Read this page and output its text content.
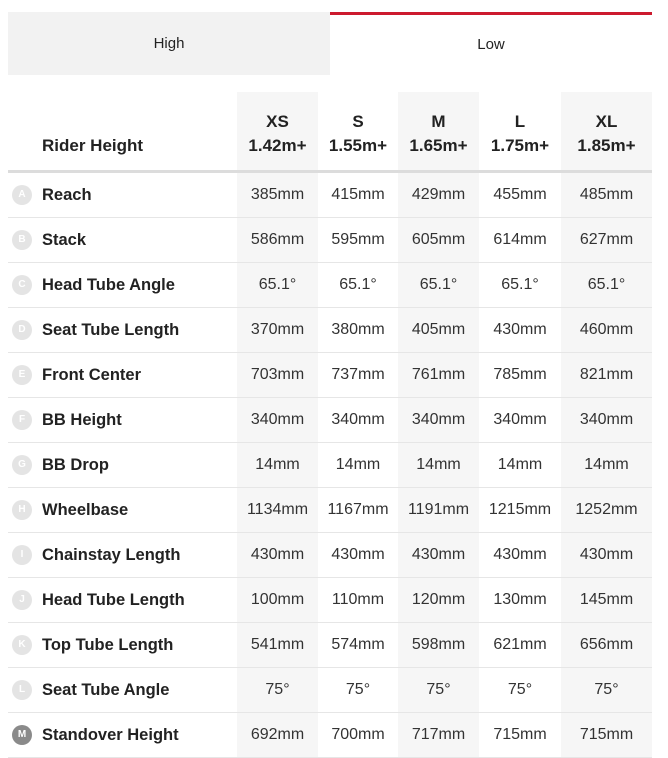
High	Low
	XS	S	M	L	XL
Rider Height	1.42m+	1.55m+	1.65m+	1.75m+	1.85m+

A Reach	385mm	415mm	429mm	455mm	485mm

B Stack	586mm	595mm	605mm	614mm	627mm

C Head Tube Angle	65.1°	65.1°	65.1°	65.1°	65.1°

D Seat Tube Length	370mm	380mm	405mm	430mm	460mm

E Front Center	703mm	737mm	761mm	785mm	821mm

F BB Height	340mm	340mm	340mm	340mm	340mm

G BB Drop	14mm	14mm	14mm	14mm	14mm

H Wheelbase	1134mm	1167mm	1191mm	1215mm	1252mm

I Chainstay Length	430mm	430mm	430mm	430mm	430mm

J Head Tube Length	100mm	110mm	120mm	130mm	145mm

K Top Tube Length	541mm	574mm	598mm	621mm	656mm

L Seat Tube Angle	75°	75°	75°	75°	75°

M Standover Height	692mm	700mm	717mm	715mm	715mm
